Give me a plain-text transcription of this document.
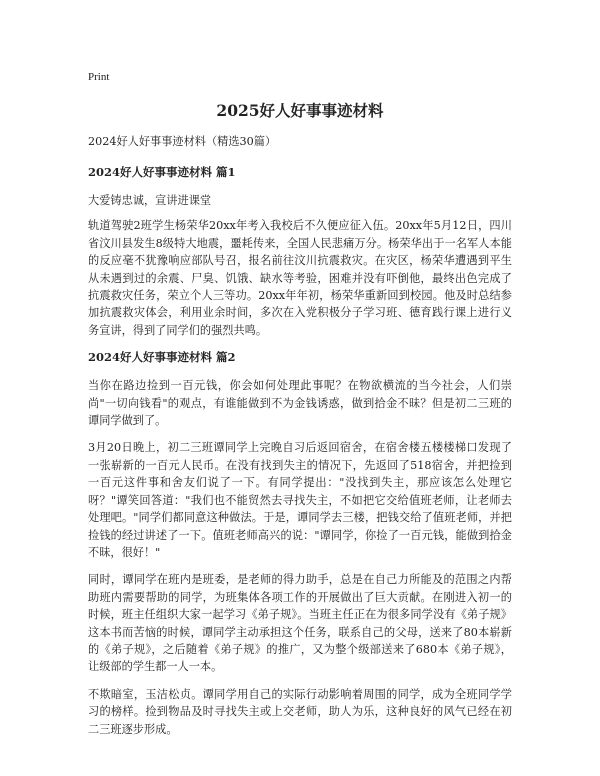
Print
2025好人好事事迹材料

2024好人好事事迹材料（精选30篇）

2024好人好事事迹材料 篇1

大爱铸忠诚，宣讲进课堂

轨道驾驶2班学生杨荣华20xx年考入我校后不久便应征入伍。20xx年5月12日，四川省汶川县发生8级特大地震，噩耗传来，全国人民悲痛万分。杨荣华出于一名军人本能的反应毫不犹豫响应部队号召，报名前往汶川抗震救灾。在灾区，杨荣华遭遇到平生从未遇到过的余震、尸臭、饥饿、缺水等考验，困难并没有吓倒他，最终出色完成了抗震救灾任务，荣立个人三等功。20xx年年初，杨荣华重新回到校园。他及时总结参加抗震救灾体会，利用业余时间，多次在入党积极分子学习班、德育践行课上进行义务宣讲，得到了同学们的强烈共鸣。

2024好人好事事迹材料 篇2

当你在路边捡到一百元钱，你会如何处理此事呢？在物欲横流的当今社会，人们崇尚"一切向钱看"的观点，有谁能做到不为金钱诱惑，做到拾金不昧？但是初二三班的谭同学做到了。

3月20日晚上，初二三班谭同学上完晚自习后返回宿舍，在宿舍楼五楼楼梯口发现了一张崭新的一百元人民币。在没有找到失主的情况下，先返回了518宿舍，并把捡到一百元这件事和舍友们说了一下。有同学提出："没找到失主，那应该怎么处理它呀？"谭笑回答道："我们也不能贸然去寻找失主，不如把它交给值班老师，让老师去处理吧。"同学们都同意这种做法。于是，谭同学去三楼，把钱交给了值班老师，并把捡钱的经过讲述了一下。值班老师高兴的说："谭同学，你捡了一百元钱，能做到拾金不昧，很好！"

同时，谭同学在班内是班委，是老师的得力助手，总是在自己力所能及的范围之内帮助班内需要帮助的同学，为班集体各项工作的开展做出了巨大贡献。在刚进入初一的时候，班主任组织大家一起学习《弟子规》。当班主任正在为很多同学没有《弟子规》这本书而苦恼的时候，谭同学主动承担这个任务，联系自己的父母，送来了80本崭新的《弟子规》，之后随着《弟子规》的推广，又为整个级部送来了680本《弟子规》，让级部的学生都一人一本。

不欺暗室，玉洁松贞。谭同学用自己的实际行动影响着周围的同学，成为全班同学学习的榜样。捡到物品及时寻找失主或上交老师，助人为乐，这种良好的风气已经在初二三班逐步形成。
